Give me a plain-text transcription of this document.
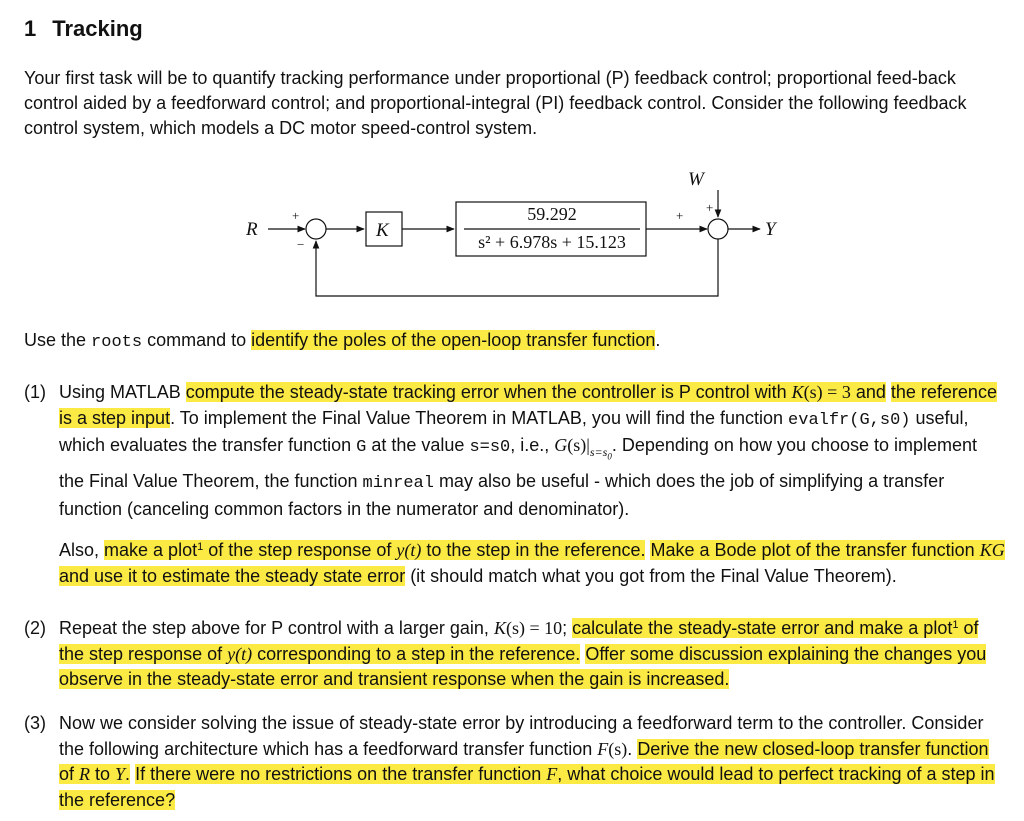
1 Tracking

Your first task will be to quantify tracking performance under proportional (P) feedback control; proportional feed-back control aided by a feedforward control; and proportional-integral (PI) feedback control. Consider the following feedback control system, which models a DC motor speed-control system.

R	Y
W
K
59.292
s² + 6.978s + 15.123
+
−
+
+

Use the roots command to identify the poles of the open-loop transfer function.

(1) Using MATLAB compute the steady-state tracking error when the controller is P control with K(s) = 3 and the reference is a step input. To implement the Final Value Theorem in MATLAB, you will find the function evalfr(G,s0) useful, which evaluates the transfer function G at the value s=s0, i.e., $G(s)|_{s=s_0}$. Depending on how you choose to implement the Final Value Theorem, the function minreal may also be useful - which does the job of simplifying a transfer function (canceling common factors in the numerator and denominator).

Also, make a plot$^1$ of the step response of y(t) to the step in the reference. Make a Bode plot of the transfer function KG and use it to estimate the steady state error (it should match what you got from the Final Value Theorem).

(2) Repeat the step above for P control with a larger gain, K(s) = 10; calculate the steady-state error and make a plot$^1$ of the step response of y(t) corresponding to a step in the reference. Offer some discussion explaining the changes you observe in the steady-state error and transient response when the gain is increased.

(3) Now we consider solving the issue of steady-state error by introducing a feedforward term to the controller. Consider the following architecture which has a feedforward transfer function F(s). Derive the new closed-loop transfer function of R to Y. If there were no restrictions on the transfer function F, what choice would lead to perfect tracking of a step in the reference?
